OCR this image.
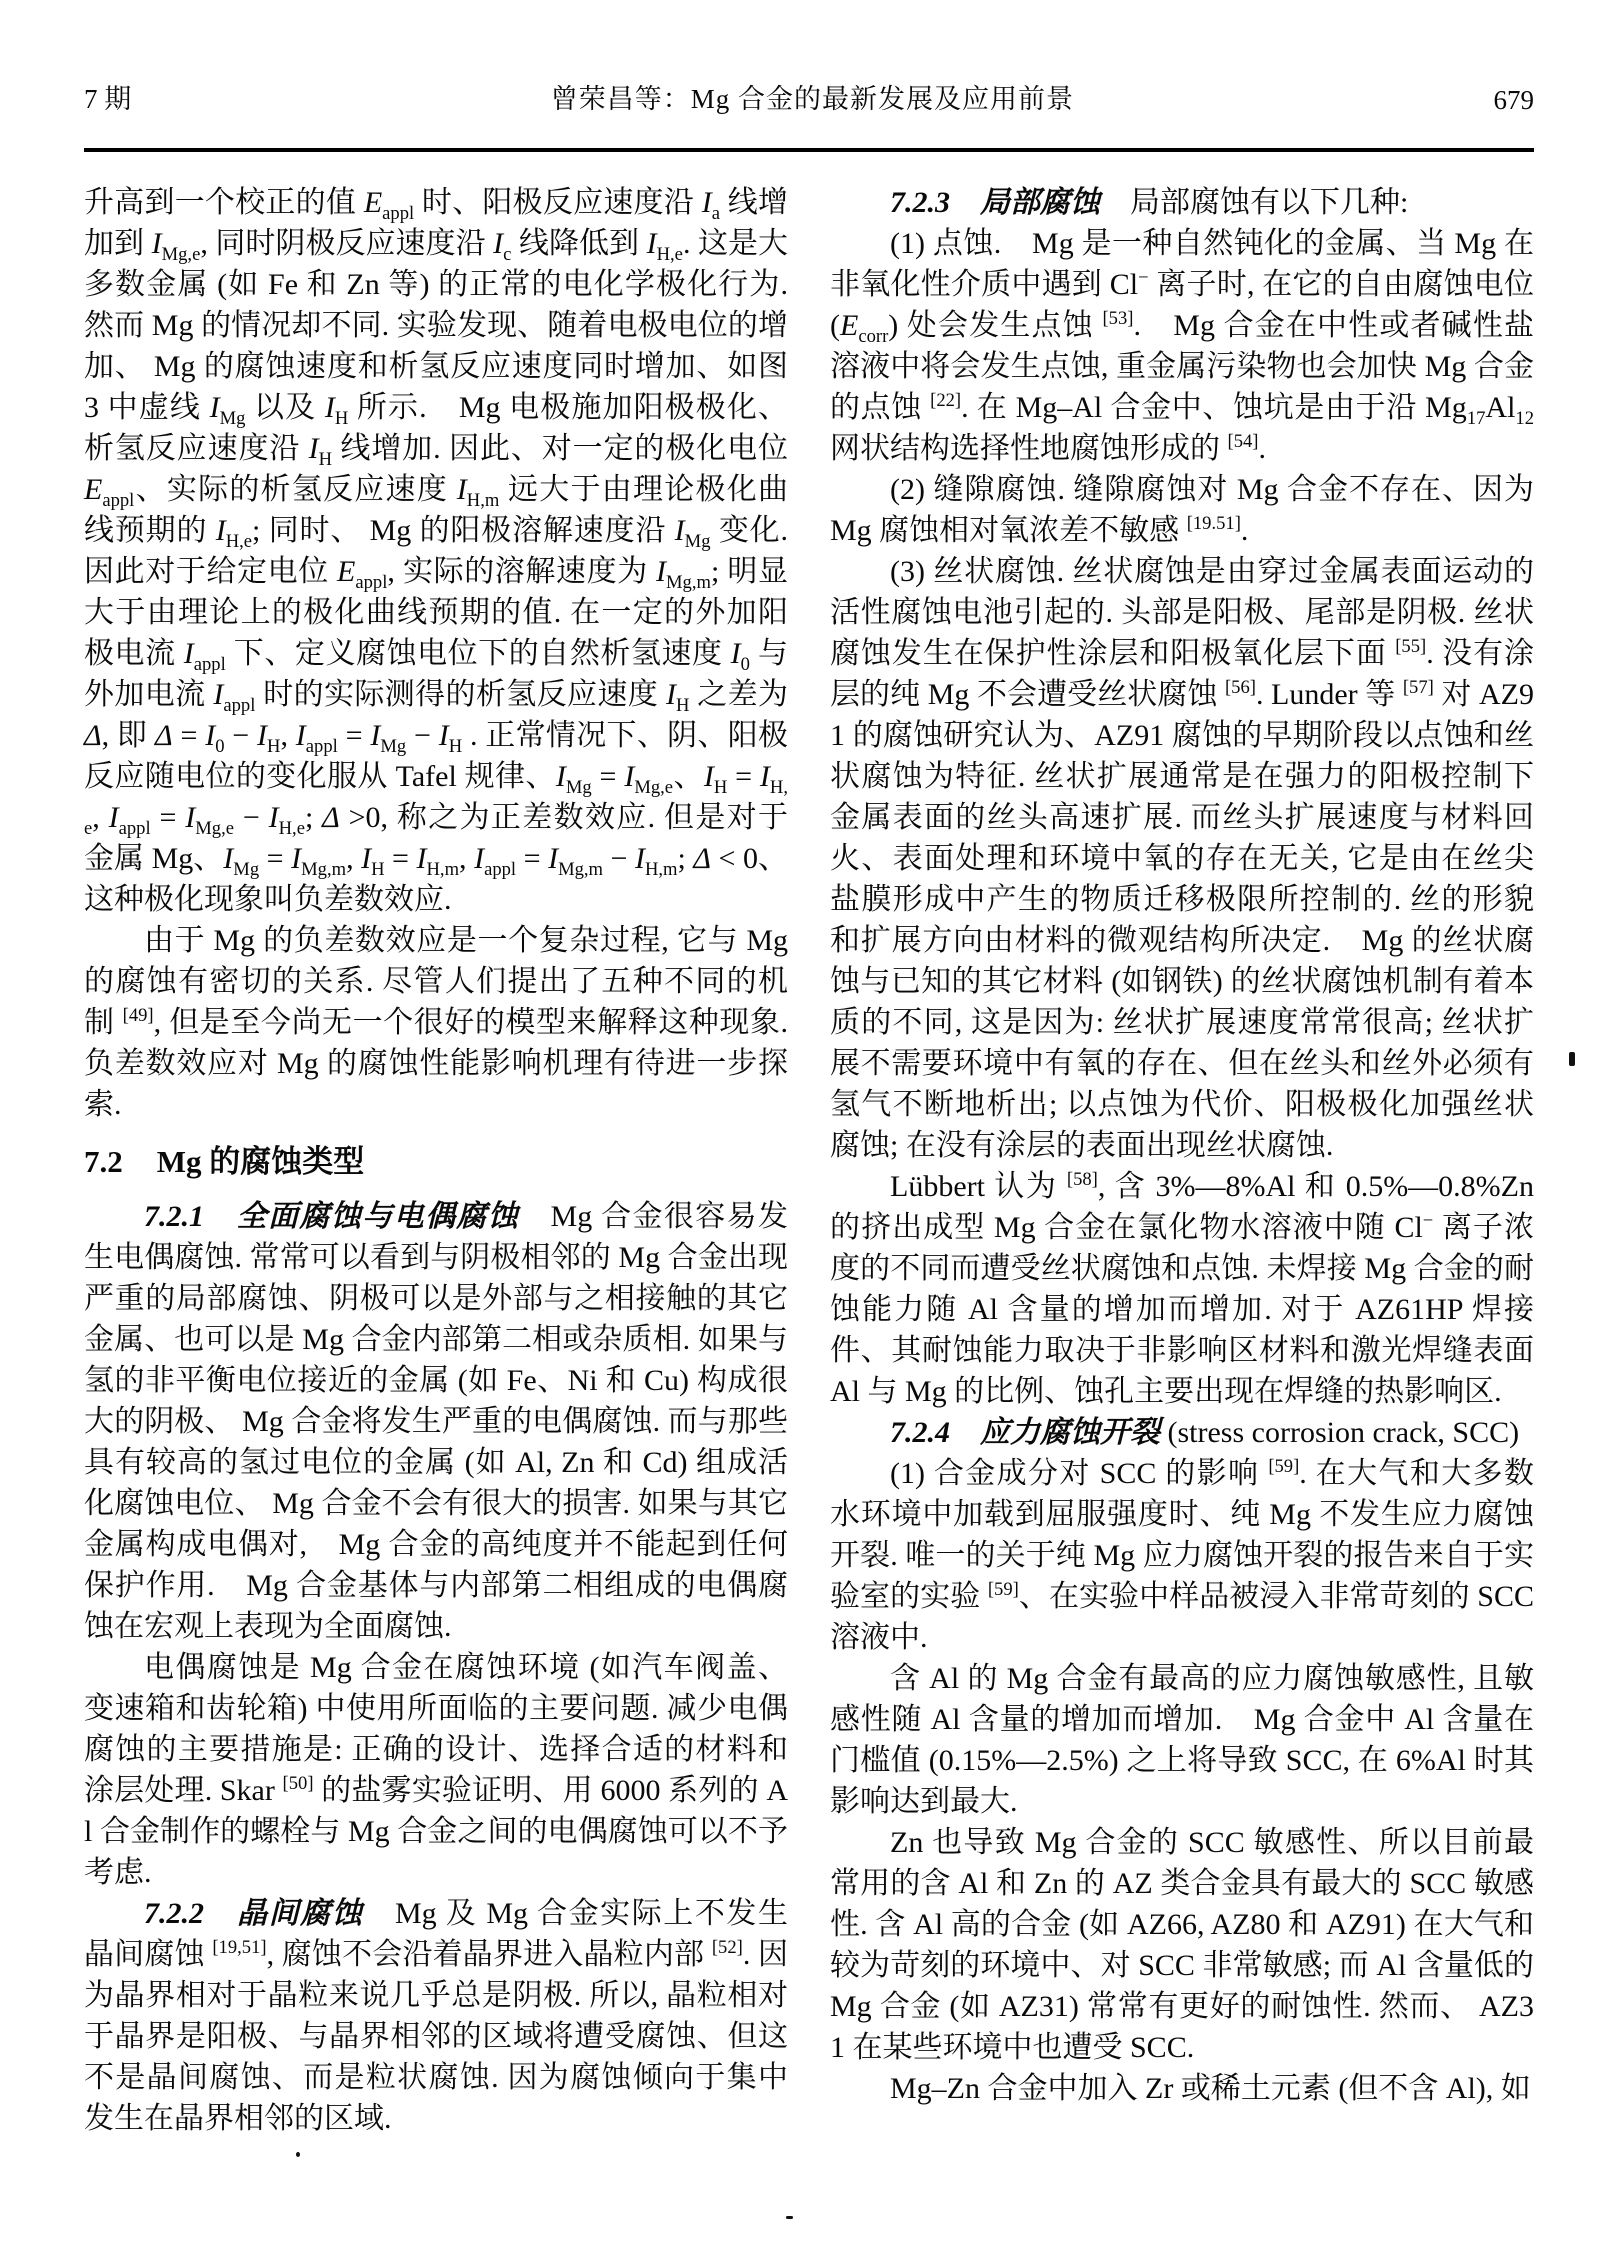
7 期	曾荣昌等：Mg 合金的最新发展及应用前景	679

升高到一个校正的值 $E_{appl}$ 时、阳极反应速度沿 $I_a$ 线增加到 $I_{Mg,e}$, 同时阴极反应速度沿 $I_c$ 线降低到 $I_{H,e}$. 这是大多数金属 (如 Fe 和 Zn 等) 的正常的电化学极化行为. 然而 Mg 的情况却不同. 实验发现、随着电极电位的增加、 Mg 的腐蚀速度和析氢反应速度同时增加、如图 3 中虚线 $I_{Mg}$ 以及 $I_H$ 所示.　Mg 电极施加阳极极化、析氢反应速度沿 $I_H$ 线增加. 因此、对一定的极化电位 $E_{appl}$、实际的析氢反应速度 $I_{H,m}$ 远大于由理论极化曲线预期的 $I_{H,e}$; 同时、 Mg 的阳极溶解速度沿 $I_{Mg}$ 变化. 因此对于给定电位 $E_{appl}$, 实际的溶解速度为 $I_{Mg,m}$; 明显大于由理论上的极化曲线预期的值. 在一定的外加阳极电流 $I_{appl}$ 下、定义腐蚀电位下的自然析氢速度 $I_0$ 与外加电流 $I_{appl}$ 时的实际测得的析氢反应速度 $I_H$ 之差为 Δ, 即 $\Delta = I_0 - I_H$, $I_{appl} = I_{Mg} - I_H$ . 正常情况下、阴、阳极反应随电位的变化服从 Tafel 规律、$I_{Mg} = I_{Mg,e}$、$I_H = I_{H,e}$, $I_{appl} = I_{Mg,e} - I_{H,e}$; Δ >0, 称之为正差数效应. 但是对于金属 Mg、$I_{Mg} = I_{Mg,m}$, $I_H = I_{H,m}$, $I_{appl} = I_{Mg,m} - I_{H,m}$; Δ < 0、这种极化现象叫负差数效应.

由于 Mg 的负差数效应是一个复杂过程, 它与 Mg 的腐蚀有密切的关系. 尽管人们提出了五种不同的机制 [49], 但是至今尚无一个很好的模型来解释这种现象. 负差数效应对 Mg 的腐蚀性能影响机理有待进一步探索.

7.2 Mg 的腐蚀类型

7.2.1　全面腐蚀与电偶腐蚀　Mg 合金很容易发生电偶腐蚀. 常常可以看到与阴极相邻的 Mg 合金出现严重的局部腐蚀、阴极可以是外部与之相接触的其它金属、也可以是 Mg 合金内部第二相或杂质相. 如果与氢的非平衡电位接近的金属 (如 Fe、Ni 和 Cu) 构成很大的阴极、 Mg 合金将发生严重的电偶腐蚀. 而与那些具有较高的氢过电位的金属 (如 Al, Zn 和 Cd) 组成活化腐蚀电位、 Mg 合金不会有很大的损害. 如果与其它金属构成电偶对,　Mg 合金的高纯度并不能起到任何保护作用.　Mg 合金基体与内部第二相组成的电偶腐蚀在宏观上表现为全面腐蚀.

电偶腐蚀是 Mg 合金在腐蚀环境 (如汽车阀盖、变速箱和齿轮箱) 中使用所面临的主要问题. 减少电偶腐蚀的主要措施是: 正确的设计、选择合适的材料和涂层处理. Skar [50] 的盐雾实验证明、用 6000 系列的 Al 合金制作的螺栓与 Mg 合金之间的电偶腐蚀可以不予考虑.

7.2.2　晶间腐蚀　Mg 及 Mg 合金实际上不发生晶间腐蚀 [19,51], 腐蚀不会沿着晶界进入晶粒内部 [52]. 因为晶界相对于晶粒来说几乎总是阴极. 所以, 晶粒相对于晶界是阳极、与晶界相邻的区域将遭受腐蚀、但这不是晶间腐蚀、而是粒状腐蚀. 因为腐蚀倾向于集中发生在晶界相邻的区域.

7.2.3　局部腐蚀　局部腐蚀有以下几种:

(1) 点蚀.　Mg 是一种自然钝化的金属、当 Mg 在非氧化性介质中遇到 Cl− 离子时, 在它的自由腐蚀电位 $(E_{corr})$ 处会发生点蚀 [53].　Mg 合金在中性或者碱性盐溶液中将会发生点蚀, 重金属污染物也会加快 Mg 合金的点蚀 [22]. 在 Mg–Al 合金中、蚀坑是由于沿 $Mg_{17}Al_{12}$ 网状结构选择性地腐蚀形成的 [54].

(2) 缝隙腐蚀. 缝隙腐蚀对 Mg 合金不存在、因为 Mg 腐蚀相对氧浓差不敏感 [19.51].

(3) 丝状腐蚀. 丝状腐蚀是由穿过金属表面运动的活性腐蚀电池引起的. 头部是阳极、尾部是阴极. 丝状腐蚀发生在保护性涂层和阳极氧化层下面 [55]. 没有涂层的纯 Mg 不会遭受丝状腐蚀 [56]. Lunder 等 [57] 对 AZ91 的腐蚀研究认为、AZ91 腐蚀的早期阶段以点蚀和丝状腐蚀为特征. 丝状扩展通常是在强力的阳极控制下金属表面的丝头高速扩展. 而丝头扩展速度与材料回火、表面处理和环境中氧的存在无关, 它是由在丝尖盐膜形成中产生的物质迁移极限所控制的. 丝的形貌和扩展方向由材料的微观结构所决定.　Mg 的丝状腐蚀与已知的其它材料 (如钢铁) 的丝状腐蚀机制有着本质的不同, 这是因为: 丝状扩展速度常常很高; 丝状扩展不需要环境中有氧的存在、但在丝头和丝外必须有氢气不断地析出; 以点蚀为代价、阳极极化加强丝状腐蚀; 在没有涂层的表面出现丝状腐蚀.

Lübbert 认为 [58], 含 3%—8%Al 和 0.5%—0.8%Zn 的挤出成型 Mg 合金在氯化物水溶液中随 Cl− 离子浓度的不同而遭受丝状腐蚀和点蚀. 未焊接 Mg 合金的耐蚀能力随 Al 含量的增加而增加. 对于 AZ61HP 焊接件、其耐蚀能力取决于非影响区材料和激光焊缝表面 Al 与 Mg 的比例、蚀孔主要出现在焊缝的热影响区.

7.2.4　应力腐蚀开裂 (stress corrosion crack, SCC)

(1) 合金成分对 SCC 的影响 [59]. 在大气和大多数水环境中加载到屈服强度时、纯 Mg 不发生应力腐蚀开裂. 唯一的关于纯 Mg 应力腐蚀开裂的报告来自于实验室的实验 [59]、在实验中样品被浸入非常苛刻的 SCC 溶液中.

含 Al 的 Mg 合金有最高的应力腐蚀敏感性, 且敏感性随 Al 含量的增加而增加.　Mg 合金中 Al 含量在门槛值 (0.15%—2.5%) 之上将导致 SCC, 在 6%Al 时其影响达到最大.

Zn 也导致 Mg 合金的 SCC 敏感性、所以目前最常用的含 Al 和 Zn 的 AZ 类合金具有最大的 SCC 敏感性. 含 Al 高的合金 (如 AZ66, AZ80 和 AZ91) 在大气和较为苛刻的环境中、对 SCC 非常敏感; 而 Al 含量低的 Mg 合金 (如 AZ31) 常常有更好的耐蚀性. 然而、 AZ31 在某些环境中也遭受 SCC.

Mg–Zn 合金中加入 Zr 或稀土元素 (但不含 Al), 如
